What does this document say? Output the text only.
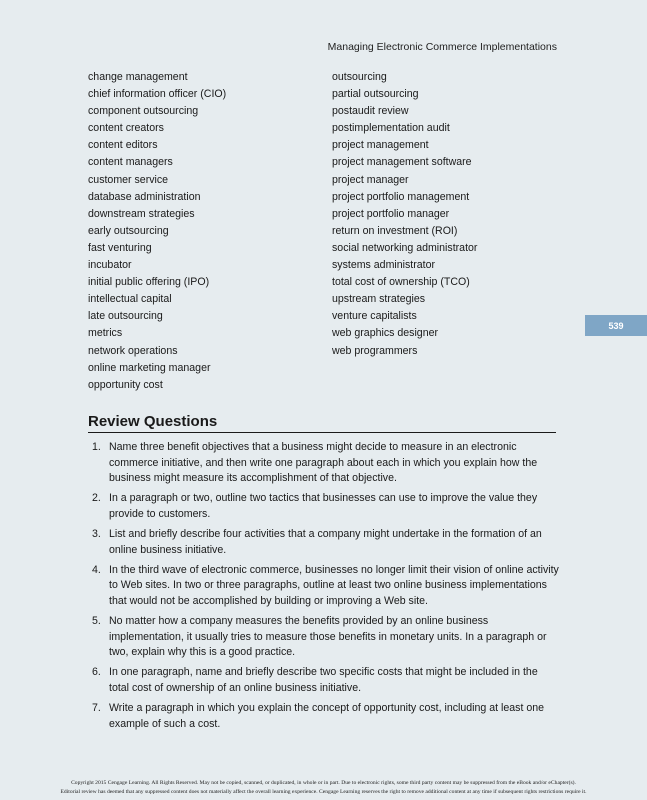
Managing Electronic Commerce Implementations
change management
chief information officer (CIO)
component outsourcing
content creators
content editors
content managers
customer service
database administration
downstream strategies
early outsourcing
fast venturing
incubator
initial public offering (IPO)
intellectual capital
late outsourcing
metrics
network operations
online marketing manager
opportunity cost
outsourcing
partial outsourcing
postaudit review
postimplementation audit
project management
project management software
project manager
project portfolio management
project portfolio manager
return on investment (ROI)
social networking administrator
systems administrator
total cost of ownership (TCO)
upstream strategies
venture capitalists
web graphics designer
web programmers
539
Review Questions
1. Name three benefit objectives that a business might decide to measure in an electronic commerce initiative, and then write one paragraph about each in which you explain how the business might measure its accomplishment of that objective.
2. In a paragraph or two, outline two tactics that businesses can use to improve the value they provide to customers.
3. List and briefly describe four activities that a company might undertake in the formation of an online business initiative.
4. In the third wave of electronic commerce, businesses no longer limit their vision of online activity to Web sites. In two or three paragraphs, outline at least two online business implementations that would not be accomplished by building or improving a Web site.
5. No matter how a company measures the benefits provided by an online business implementation, it usually tries to measure those benefits in monetary units. In a paragraph or two, explain why this is a good practice.
6. In one paragraph, name and briefly describe two specific costs that might be included in the total cost of ownership of an online business initiative.
7. Write a paragraph in which you explain the concept of opportunity cost, including at least one example of such a cost.
Copyright 2015 Cengage Learning. All Rights Reserved. May not be copied, scanned, or duplicated, in whole or in part. Due to electronic rights, some third party content may be suppressed from the eBook and/or eChapter(s).
Editorial review has deemed that any suppressed content does not materially affect the overall learning experience. Cengage Learning reserves the right to remove additional content at any time if subsequent rights restrictions require it.
